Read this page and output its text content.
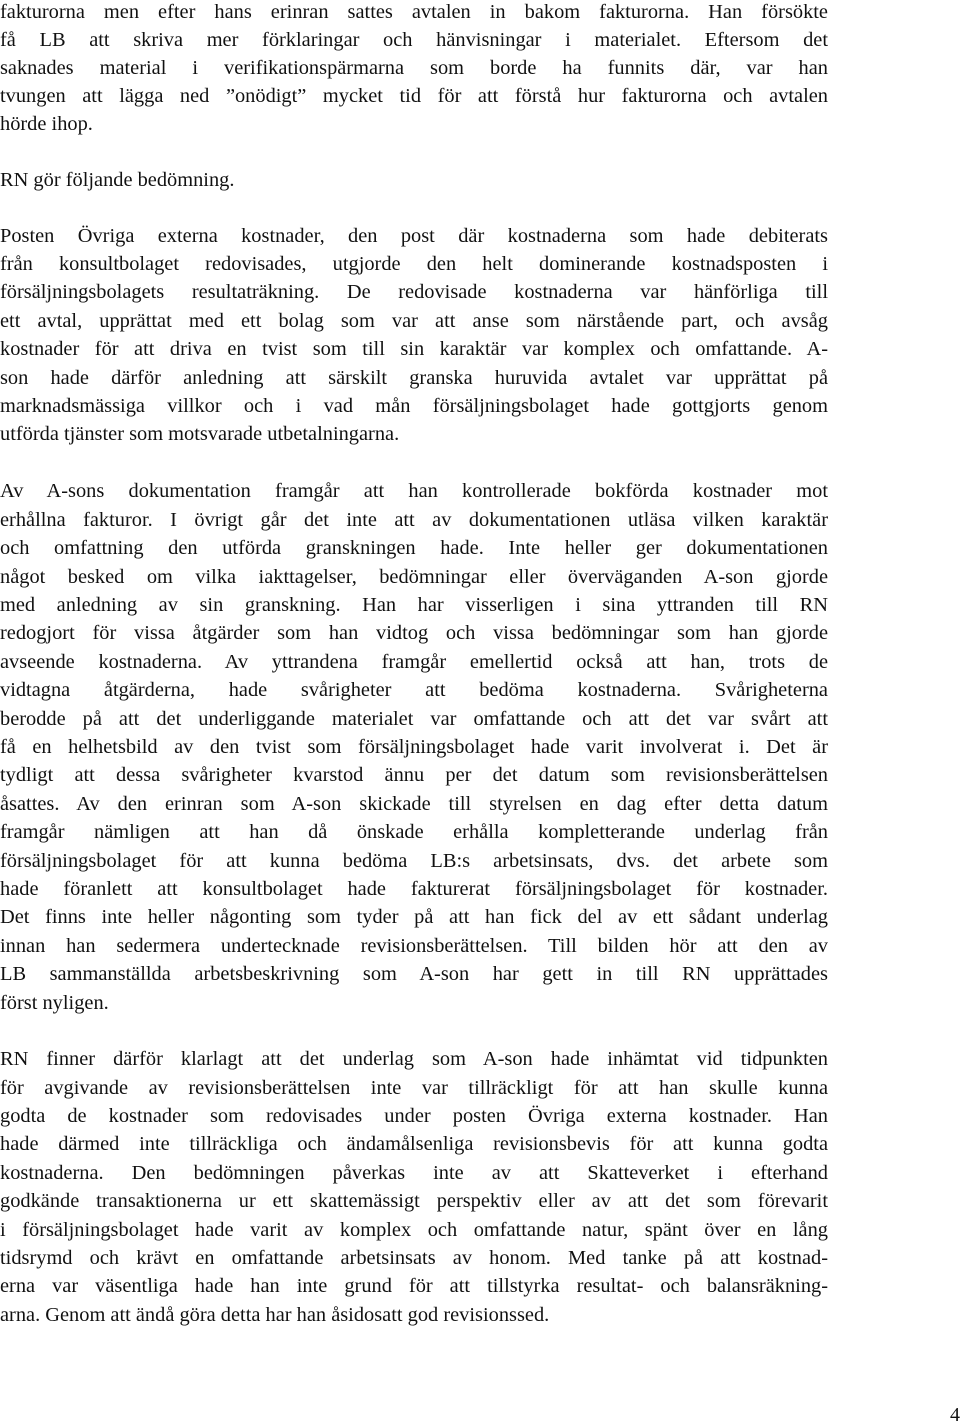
fakturorna men efter hans erinran sattes avtalen in bakom fakturorna. Han försökte
få LB att skriva mer förklaringar och hänvisningar i materialet. Eftersom det
saknades material i verifikationspärmarna som borde ha funnits där, var han
tvungen att lägga ned ”onödigt” mycket tid för att förstå hur fakturorna och avtalen
hörde ihop.
RN gör följande bedömning.
Posten Övriga externa kostnader, den post där kostnaderna som hade debiterats
från konsultbolaget redovisades, utgjorde den helt dominerande kostnadsposten i
försäljningsbolagets resultaträkning. De redovisade kostnaderna var hänförliga till
ett avtal, upprättat med ett bolag som var att anse som närstående part, och avsåg
kostnader för att driva en tvist som till sin karaktär var komplex och omfattande. A-
son hade därför anledning att särskilt granska huruvida avtalet var upprättat på
marknadsmässiga villkor och i vad mån försäljningsbolaget hade gottgjorts genom
utförda tjänster som motsvarade utbetalningarna.
Av A-sons dokumentation framgår att han kontrollerade bokförda kostnader mot
erhållna fakturor. I övrigt går det inte att av dokumentationen utläsa vilken karaktär
och omfattning den utförda granskningen hade. Inte heller ger dokumentationen
något besked om vilka iakttagelser, bedömningar eller överväganden A-son gjorde
med anledning av sin granskning. Han har visserligen i sina yttranden till RN
redogjort för vissa åtgärder som han vidtog och vissa bedömningar som han gjorde
avseende kostnaderna. Av yttrandena framgår emellertid också att han, trots de
vidtagna åtgärderna, hade svårigheter att bedöma kostnaderna. Svårigheterna
berodde på att det underliggande materialet var omfattande och att det var svårt att
få en helhetsbild av den tvist som försäljningsbolaget hade varit involverat i. Det är
tydligt att dessa svårigheter kvarstod ännu per det datum som revisionsberättelsen
åsattes. Av den erinran som A-son skickade till styrelsen en dag efter detta datum
framgår nämligen att han då önskade erhålla kompletterande underlag från
försäljningsbolaget för att kunna bedöma LB:s arbetsinsats, dvs. det arbete som
hade föranlett att konsultbolaget hade fakturerat försäljningsbolaget för kostnader.
Det finns inte heller någonting som tyder på att han fick del av ett sådant underlag
innan han sedermera undertecknade revisionsberättelsen. Till bilden hör att den av
LB sammanställda arbetsbeskrivning som A-son har gett in till RN upprättades
först nyligen.
RN finner därför klarlagt att det underlag som A-son hade inhämtat vid tidpunkten
för avgivande av revisionsberättelsen inte var tillräckligt för att han skulle kunna
godta de kostnader som redovisades under posten Övriga externa kostnader. Han
hade därmed inte tillräckliga och ändamålsenliga revisionsbevis för att kunna godta
kostnaderna. Den bedömningen påverkas inte av att Skatteverket i efterhand
godkände transaktionerna ur ett skattemässigt perspektiv eller av att det som förevarit
i försäljningsbolaget hade varit av komplex och omfattande natur, spänt över en lång
tidsrymd och krävt en omfattande arbetsinsats av honom. Med tanke på att kostnad-
erna var väsentliga hade han inte grund för att tillstyrka resultat- och balansräkning-
arna. Genom att ändå göra detta har han åsidosatt god revisionssed.
4
